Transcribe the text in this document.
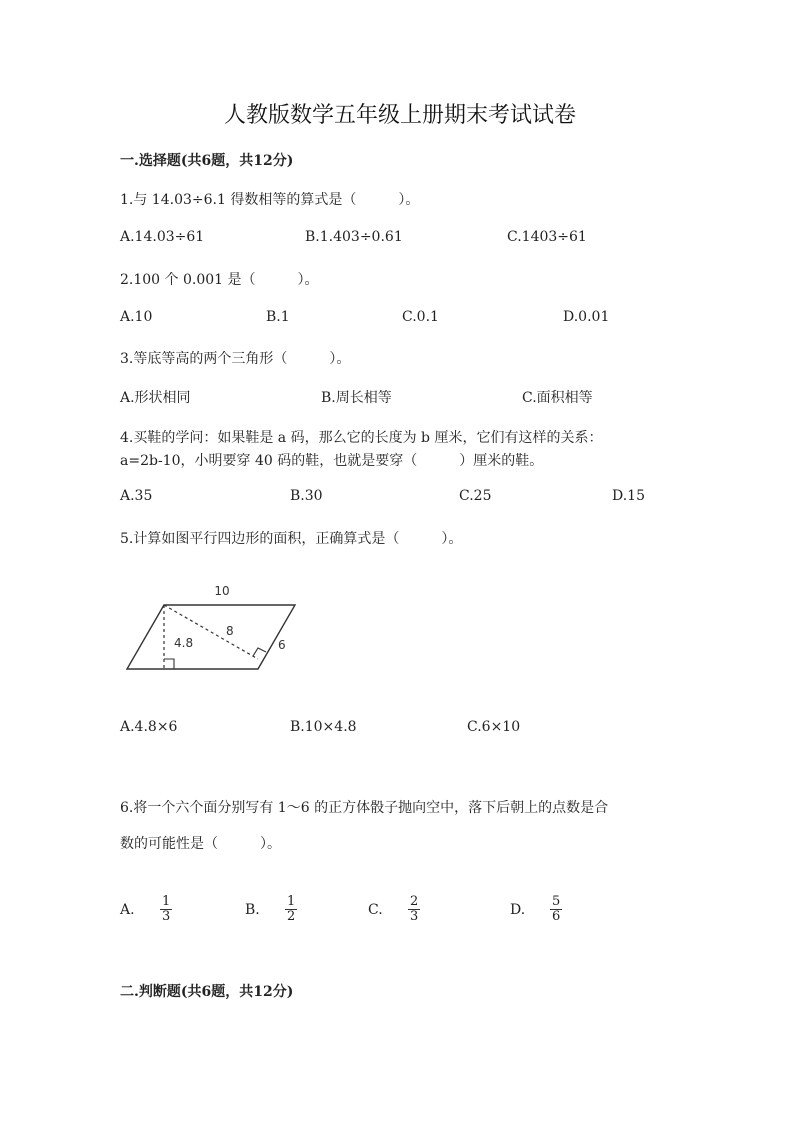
人教版数学五年级上册期末考试试卷
一.选择题(共6题，共12分)
1.与 14.03÷6.1 得数相等的算式是（　　　）。
A.14.03÷61	B.1.403÷0.61	C.1403÷61
2.100 个 0.001 是（　　　）。
A.10	B.1	C.0.1	D.0.01
3.等底等高的两个三角形（　　　）。
A.形状相同	B.周长相等	C.面积相等
4.买鞋的学问：如果鞋是 a 码，那么它的长度为 b 厘米，它们有这样的关系：
a=2b-10，小明要穿 40 码的鞋，也就是要穿（　　　）厘米的鞋。
A.35	B.30	C.25	D.15
5.计算如图平行四边形的面积，正确算式是（　　　）。
10
4.8
8
6
A.4.8×6	B.10×4.8	C.6×10
6.将一个六个面分别写有 1～6 的正方体骰子抛向空中，落下后朝上的点数是合
数的可能性是（　　　）。
A. $\frac{1}{3}$	B. $\frac{1}{2}$	C. $\frac{2}{3}$	D. $\frac{5}{6}$
二.判断题(共6题，共12分)
